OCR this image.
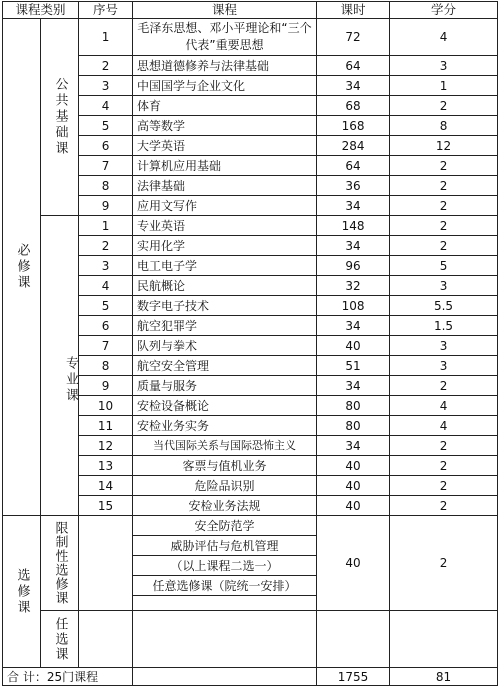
课程类别		序号	课程	课时	学分
必修课	公共基础课	1	毛泽东思想、邓小平理论和“三个代表”重要思想	72	4
		2	思想道德修养与法律基础	64	3
		3	中国国学与企业文化	34	1
		4	体育	68	2
		5	高等数学	168	8
		6	大学英语	284	12
		7	计算机应用基础	64	2
		8	法律基础	36	2
		9	应用文写作	34	2
	专业课	1	专业英语	148	2
		2	实用化学	34	2
		3	电工电子学	96	5
		4	民航概论	32	3
		5	数字电子技术	108	5.5
		6	航空犯罪学	34	1.5
		7	队列与拳术	40	3
		8	航空安全管理	51	3
		9	质量与服务	34	2
		10	安检设备概论	80	4
		11	安检业务实务	80	4
		12	当代国际关系与国际恐怖主义	34	2
		13	客票与值机业务	40	2
		14	危险品识别	40	2
		15	安检业务法规	40	2
选修课	限制性选修课		安全防范学	40	2
			威胁评估与危机管理		
			（以上课程二选一）		
			任意选修课（院统一安排）		

	任选课				
合 计：25门课程				1755	81
